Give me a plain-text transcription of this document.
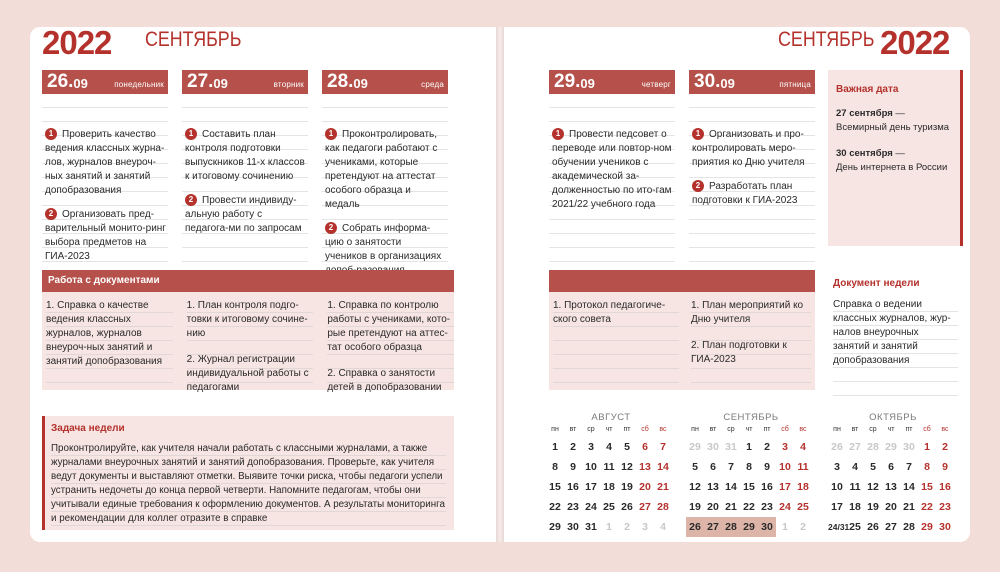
2022 СЕНТЯБРЬ
26. 09	понедельник
1 Проверить качество ведения классных журна-лов, журналов внеуроч-ных занятий и занятий допобразования
2 Организовать пред-варительный монито-ринг выбора предметов на ГИА-2023
27. 09	вторник
1 Составить план контроля подготовки выпускников 11-х классов к итоговому сочинению
2 Провести индивиду-альную работу с педагога-ми по запросам
28. 09	среда
1 Проконтролировать, как педагоги работают с учениками, которые претендуют на аттестат особого образца и медаль
2 Собрать информа-цию о занятости учеников в организациях
Работа с документами
1. Справка о качестве ведения классных журналов, журналов внеуроч-ных занятий и занятий допобразования
1. План контроля подго-товки к итоговому сочине-нию
2. Журнал регистрации индивидуальной работы с педагогами
1. Справка по контролю работы с учениками, кото-рые претендуют на аттес-тат особого образца
2. Справка о занятости детей в допобразовании
Задача недели
Проконтролируйте, как учителя начали работать с классными журналами, а также журналами внеурочных занятий и занятий допобразования. Проверьте, как учителя ведут документы и выставляют отметки. Выявите точки риска, чтобы педагоги успели устранить недочеты до конца первой четверти. Напомните педагогам, чтобы они учитывали единые требования к оформлению документов. А результаты мониторинга и рекомендации для коллег отразите в справке
СЕНТЯБРЬ 2022
29. 09	четверг
1 Провести педсовет о переводе или повтор-ном обучении учеников с академической за-долженностью по ито-гам 2021/22 учебного года
30. 09	пятница
1 Организовать и про-контролировать меро-приятия ко Дню учителя
2 Разработать план подготовки к ГИА-2023
Важная дата
27 сентября —
Всемирный день туризма
30 сентября —
День интернета в России
1. Протокол педагогиче-ского совета
1. План мероприятий ко Дню учителя
2. План подготовки к ГИА-2023
Документ недели
Справка о ведении классных журналов, жур-налов внеурочных занятий и занятий допобразования
АВГУСТ
пн	вт	ср	чт	пт	сб	вс
1	2	3	4	5	6	7
8	9 10 11 12 13 14
15 16 17 18 19 20 21
22 23 24 25 26 27 28
29 30 31 1	2	3	4
СЕНТЯБРЬ
пн	вт	ср	чт	пт	сб	вс
29 30 31 1	2	3	4
5	6	7	8	9 10 11
12 13 14 15 16 17 18
19 20 21 22 23 24 25
26 27 28 29 30 1	2
ОКТЯБРЬ
пн	вт	ср	чт	пт	сб	вс
26 27 28 29 30 1	2
3	4	5	6	7	8	9
10 11 12 13 14 15 16
17 18 19 20 21 22 23
24/31 25 26 27 28 29 30
